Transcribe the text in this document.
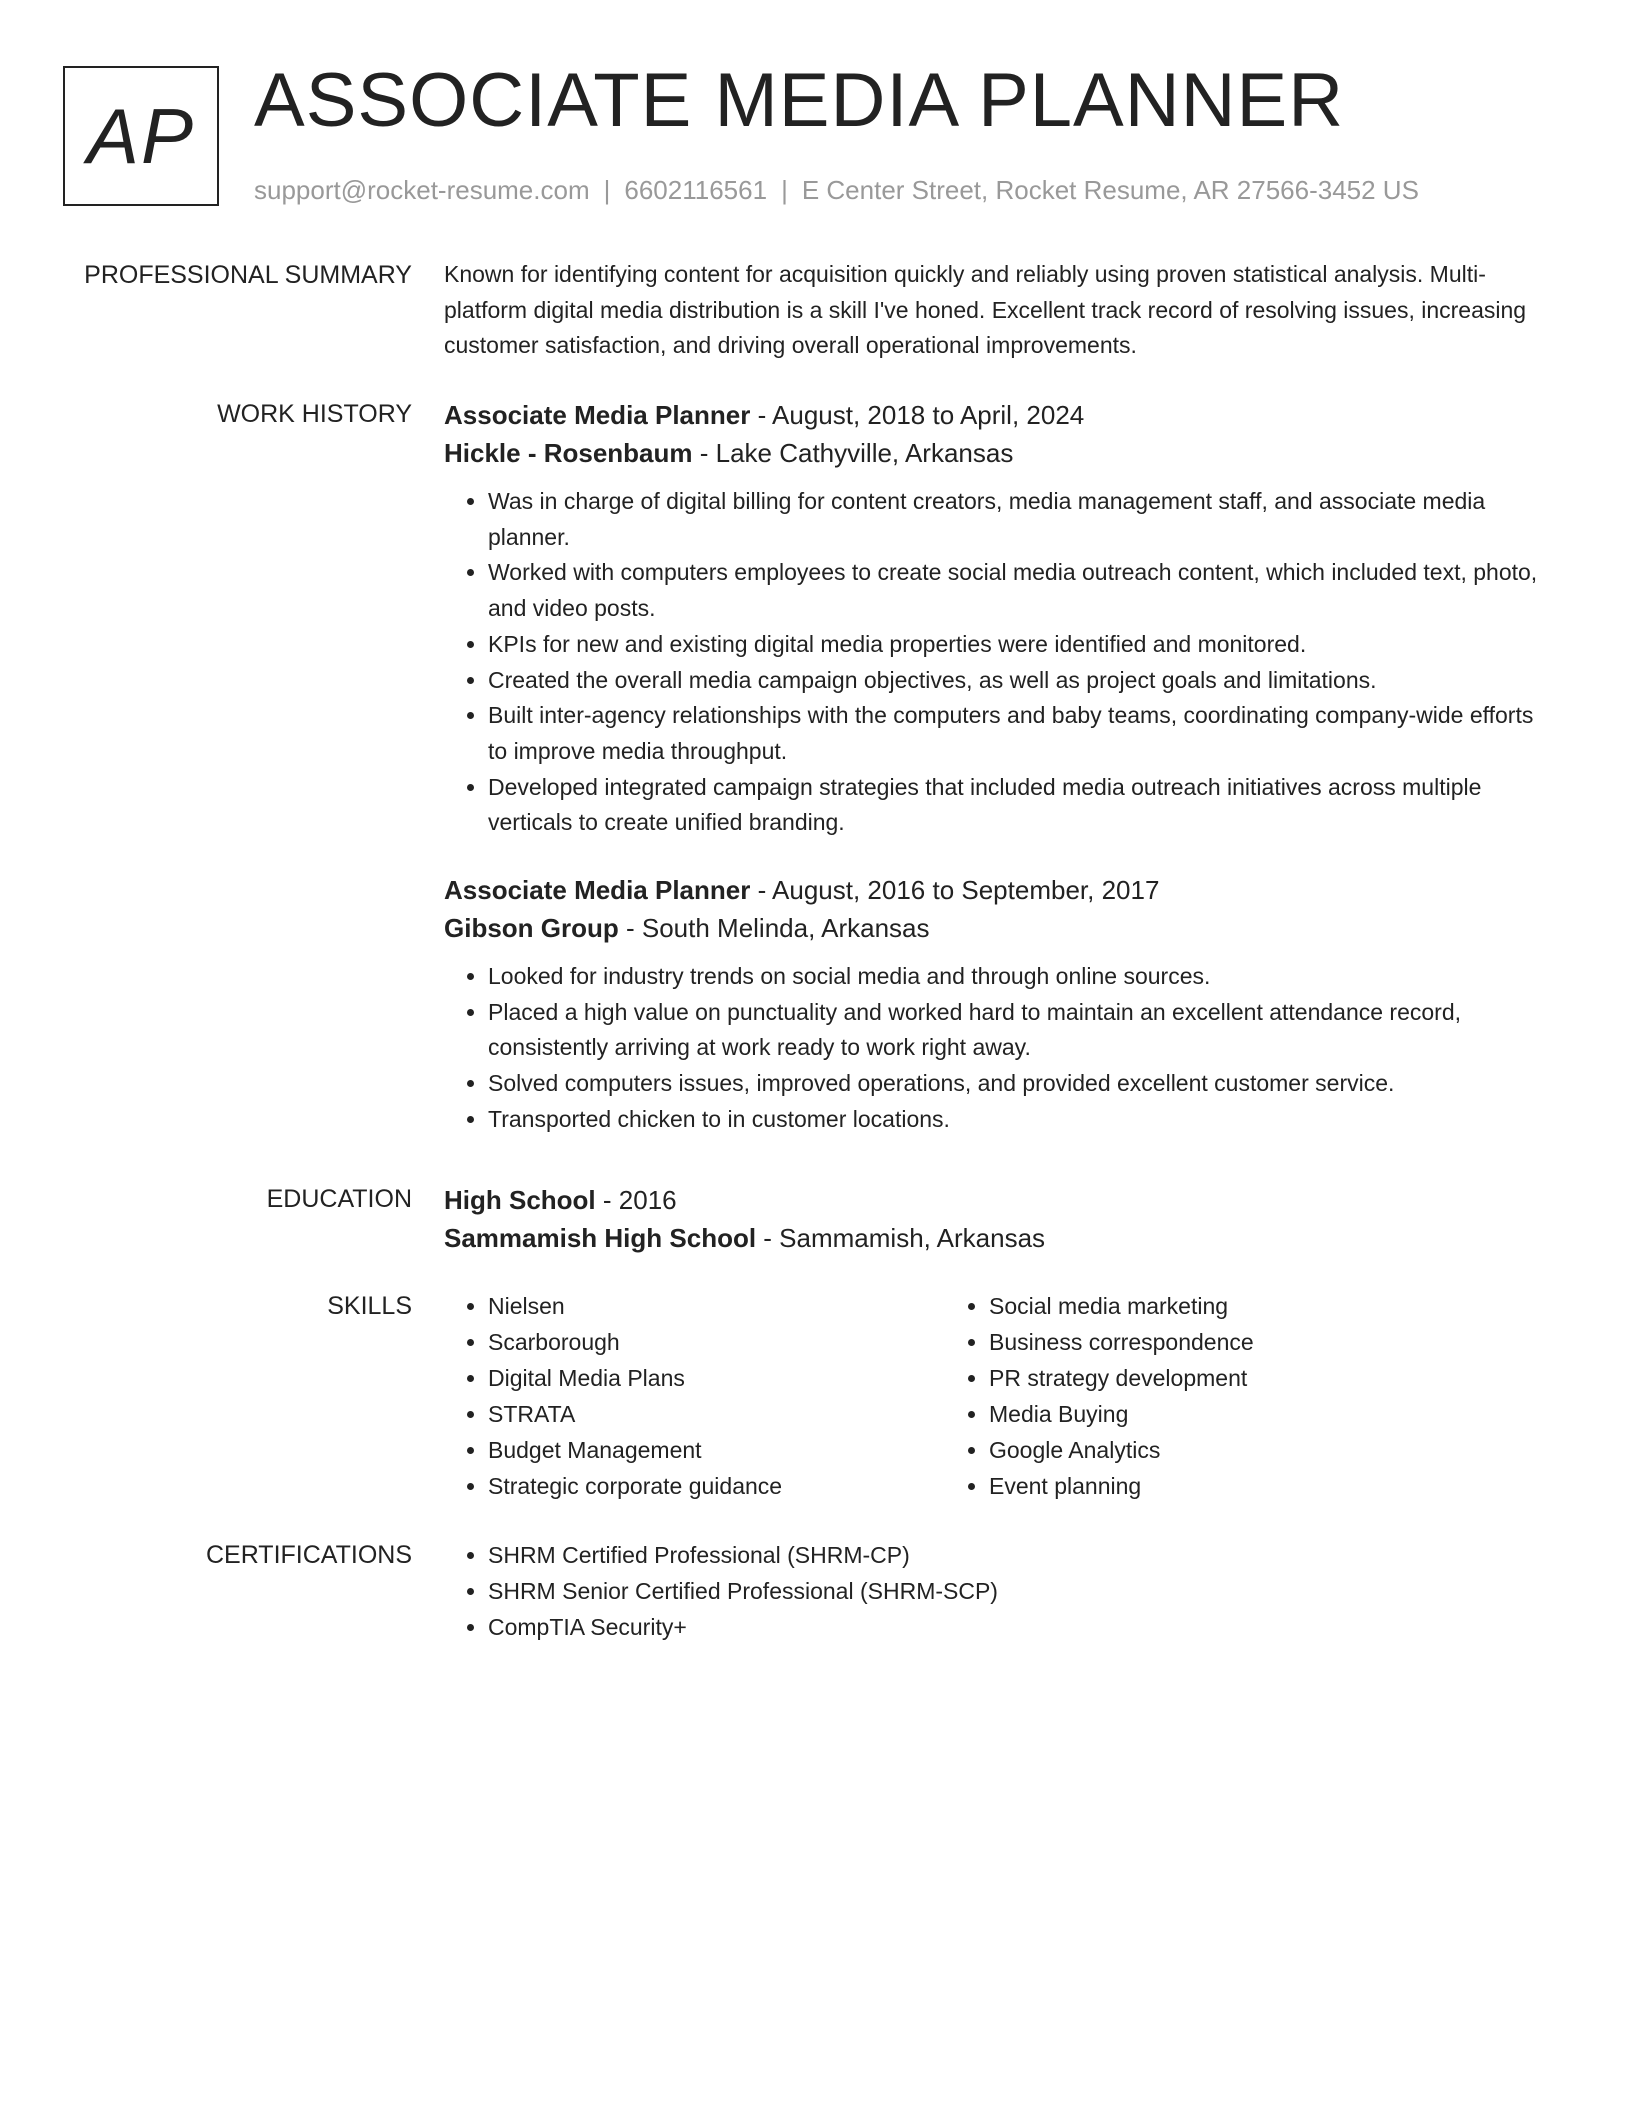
AP ASSOCIATE MEDIA PLANNER
support@rocket-resume.com | 6602116561 | E Center Street, Rocket Resume, AR 27566-3452 US
PROFESSIONAL SUMMARY Known for identifying content for acquisition quickly and reliably using proven statistical analysis. Multi-platform digital media distribution is a skill I've honed. Excellent track record of resolving issues, increasing customer satisfaction, and driving overall operational improvements.

WORK HISTORY Associate Media Planner - August, 2018 to April, 2024
Hickle - Rosenbaum - Lake Cathyville, Arkansas
• Was in charge of digital billing for content creators, media management staff, and associate media planner.
• Worked with computers employees to create social media outreach content, which included text, photo, and video posts.
• KPIs for new and existing digital media properties were identified and monitored.
• Created the overall media campaign objectives, as well as project goals and limitations.
• Built inter-agency relationships with the computers and baby teams, coordinating company-wide efforts to improve media throughput.
• Developed integrated campaign strategies that included media outreach initiatives across multiple verticals to create unified branding.
Associate Media Planner - August, 2016 to September, 2017
Gibson Group - South Melinda, Arkansas
• Looked for industry trends on social media and through online sources.
• Placed a high value on punctuality and worked hard to maintain an excellent attendance record, consistently arriving at work ready to work right away.
• Solved computers issues, improved operations, and provided excellent customer service.
• Transported chicken to in customer locations.
EDUCATION High School - 2016
Sammamish High School - Sammamish, Arkansas
SKILLS	• Nielsen
• Scarborough
• Digital Media Plans
• STRATA
• Budget Management
• Strategic corporate guidance
• Social media marketing
• Business correspondence
• PR strategy development
• Media Buying
• Google Analytics
• Event planning
CERTIFICATIONS	• SHRM Certified Professional (SHRM-CP)
• SHRM Senior Certified Professional (SHRM-SCP)
• CompTIA Security+
